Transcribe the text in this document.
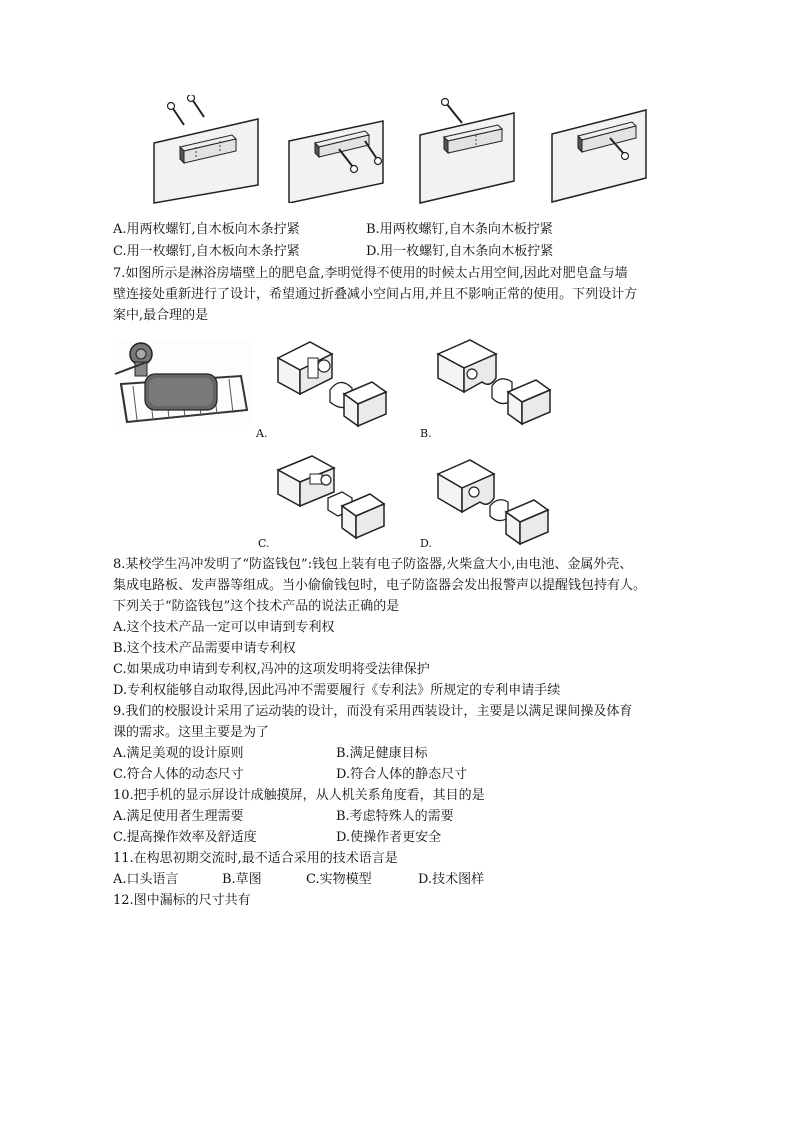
A.用两枚螺钉,自木板向木条拧紧	B.用两枚螺钉,自木条向木板拧紧
C.用一枚螺钉,自木板向木条拧紧	D.用一枚螺钉,自木条向木板拧紧
7.如图所示是淋浴房墙壁上的肥皂盒,李明觉得不使用的时候太占用空间,因此对肥皂盒与墙
壁连接处重新进行了设计，希望通过折叠减小空间占用,并且不影响正常的使用。下列设计方
案中,最合理的是
A.	B.
C.	D.
8.某校学生冯冲发明了“防盗钱包”:钱包上装有电子防盗器,火柴盒大小,由电池、金属外壳、
集成电路板、发声器等组成。当小偷偷钱包时，电子防盗器会发出报警声以提醒钱包持有人。
下列关于“防盗钱包”这个技术产品的说法正确的是
A.这个技术产品一定可以申请到专利权
B.这个技术产品需要申请专利权
C.如果成功申请到专利权,冯冲的这项发明将受法律保护
D.专利权能够自动取得,因此冯冲不需要履行《专利法》所规定的专利申请手续
9.我们的校服设计采用了运动装的设计，而没有采用西装设计，主要是以满足课间操及体育
课的需求。这里主要是为了
A.满足美观的设计原则	B.满足健康目标
C.符合人体的动态尺寸	D.符合人体的静态尺寸
10.把手机的显示屏设计成触摸屏，从人机关系角度看，其目的是
A.满足使用者生理需要	B.考虑特殊人的需要
C.提高操作效率及舒适度	D.使操作者更安全
11.在构思初期交流时,最不适合采用的技术语言是
A.口头语言	B.草图	C.实物模型	D.技术图样
12.图中漏标的尺寸共有
